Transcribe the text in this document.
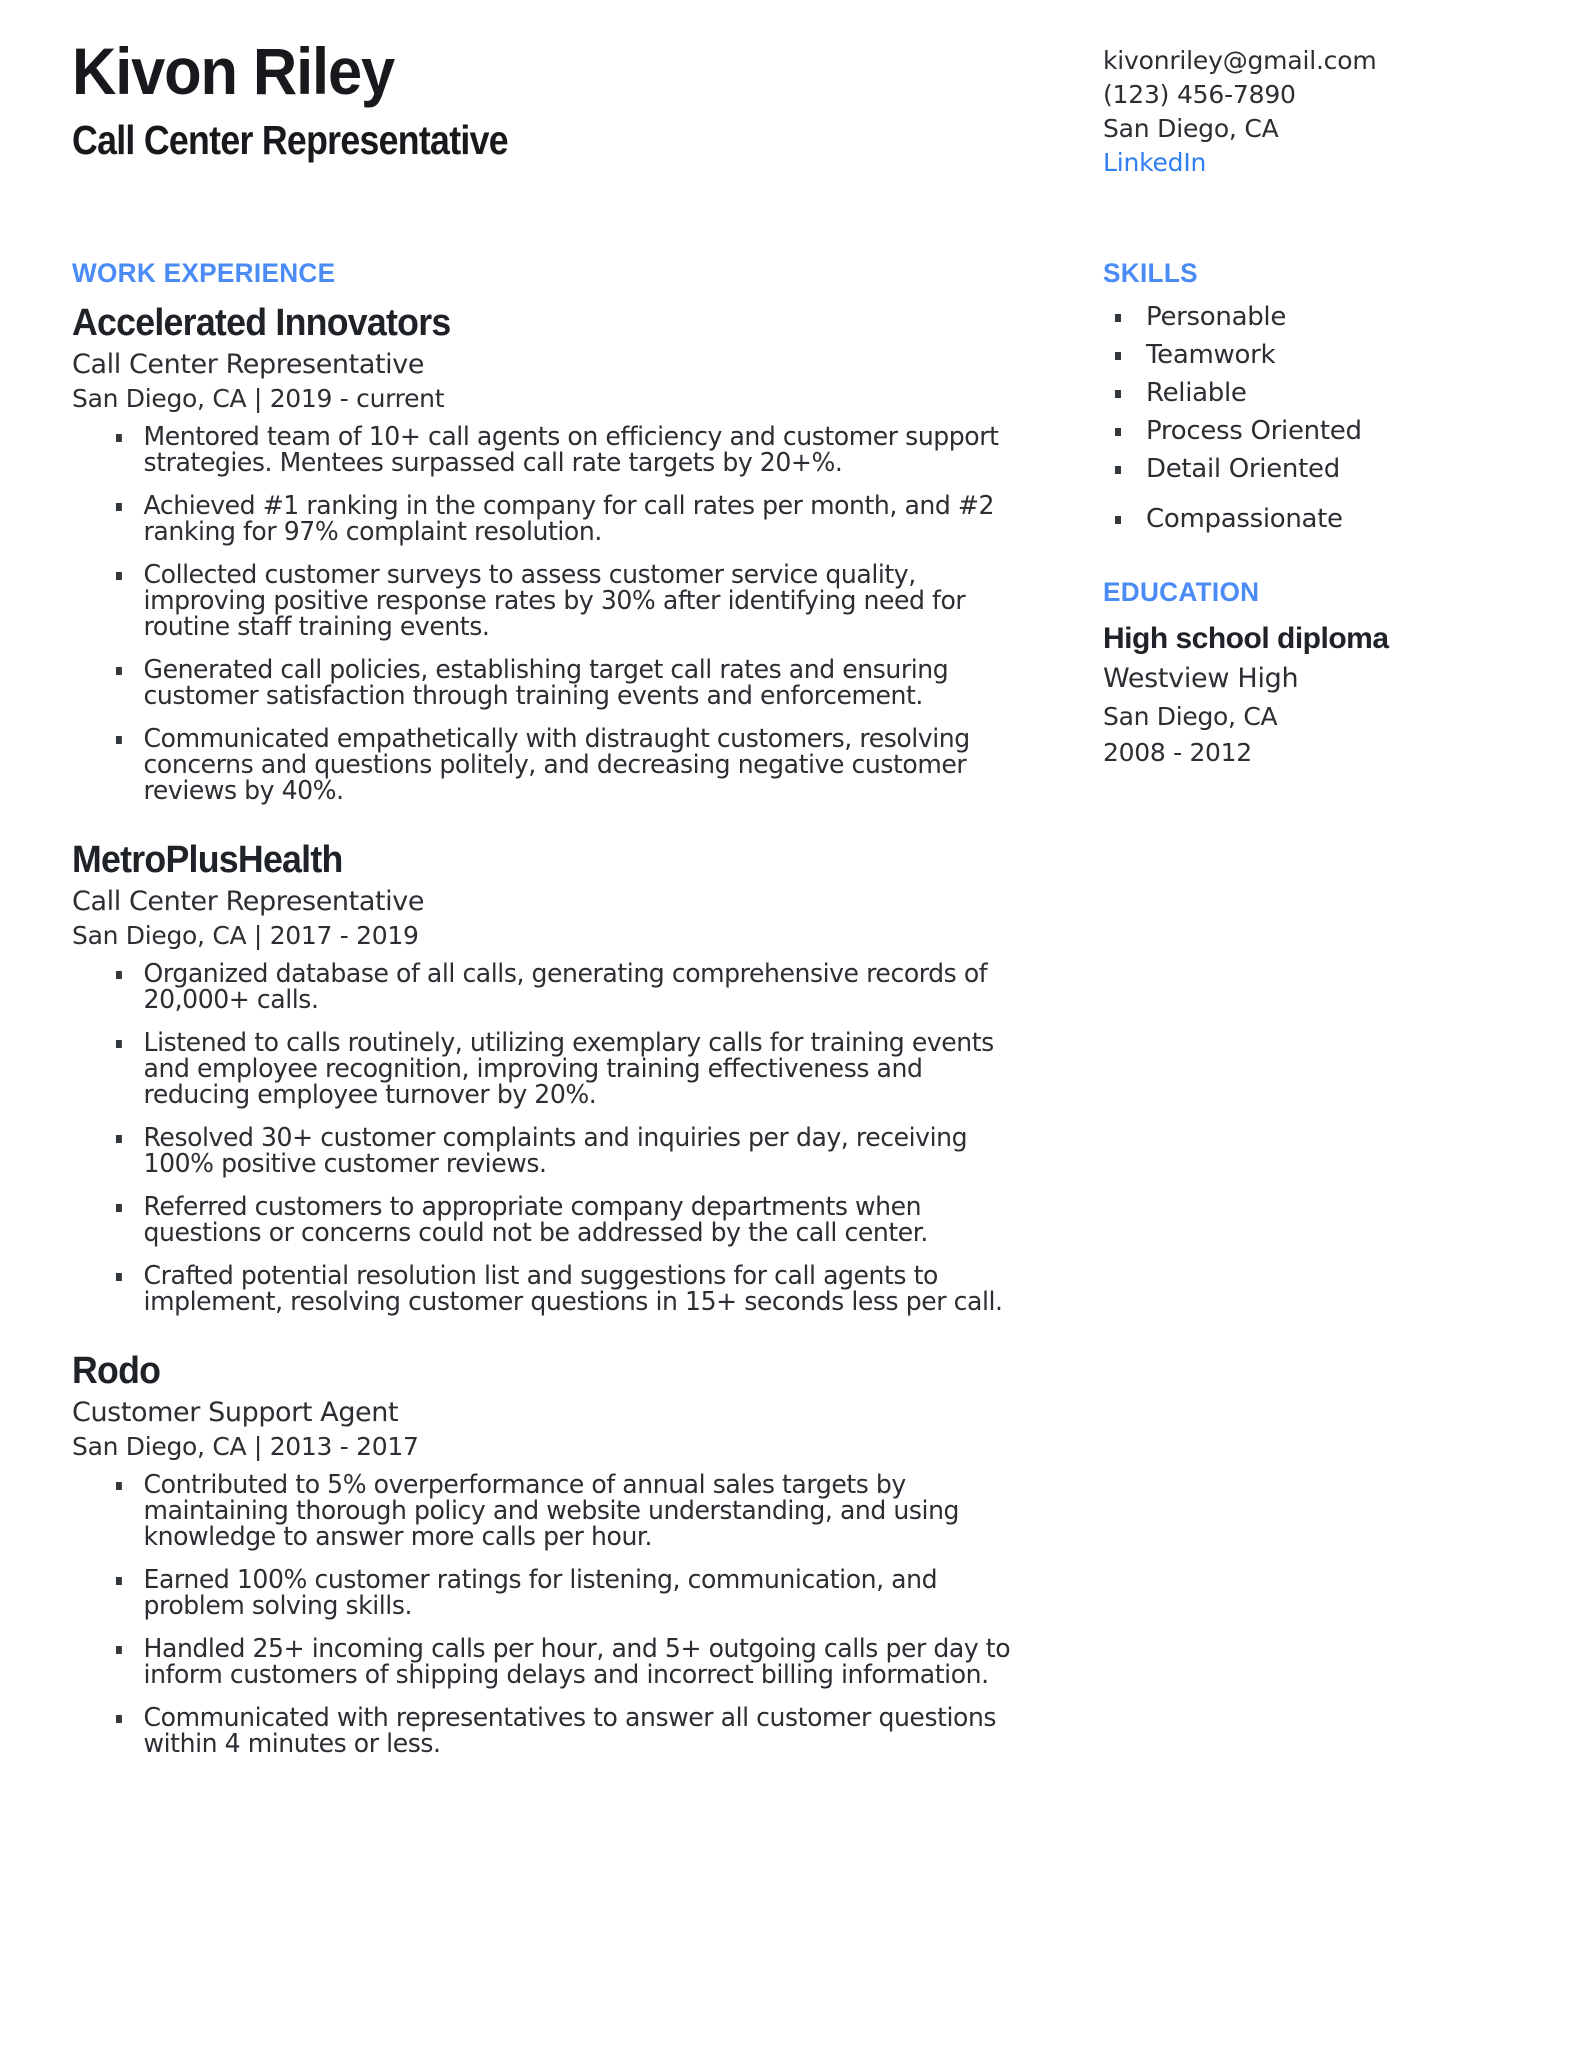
Kivon Riley
Call Center Representative
kivonriley@gmail.com
(123) 456-7890
San Diego, CA
LinkedIn
WORK EXPERIENCE
Accelerated Innovators
Call Center Representative
San Diego, CA | 2019 - current
Mentored team of 10+ call agents on efficiency and customer support strategies. Mentees surpassed call rate targets by 20+%.
Achieved #1 ranking in the company for call rates per month, and #2 ranking for 97% complaint resolution.
Collected customer surveys to assess customer service quality, improving positive response rates by 30% after identifying need for routine staff training events.
Generated call policies, establishing target call rates and ensuring customer satisfaction through training events and enforcement.
Communicated empathetically with distraught customers, resolving concerns and questions politely, and decreasing negative customer reviews by 40%.
MetroPlusHealth
Call Center Representative
San Diego, CA | 2017 - 2019
Organized database of all calls, generating comprehensive records of 20,000+ calls.
Listened to calls routinely, utilizing exemplary calls for training events and employee recognition, improving training effectiveness and reducing employee turnover by 20%.
Resolved 30+ customer complaints and inquiries per day, receiving 100% positive customer reviews.
Referred customers to appropriate company departments when questions or concerns could not be addressed by the call center.
Crafted potential resolution list and suggestions for call agents to implement, resolving customer questions in 15+ seconds less per call.
Rodo
Customer Support Agent
San Diego, CA | 2013 - 2017
Contributed to 5% overperformance of annual sales targets by maintaining thorough policy and website understanding, and using knowledge to answer more calls per hour.
Earned 100% customer ratings for listening, communication, and problem solving skills.
Handled 25+ incoming calls per hour, and 5+ outgoing calls per day to inform customers of shipping delays and incorrect billing information.
Communicated with representatives to answer all customer questions within 4 minutes or less.
SKILLS
Personable
Teamwork
Reliable
Process Oriented
Detail Oriented
Compassionate
EDUCATION
High school diploma
Westview High
San Diego, CA
2008 - 2012
